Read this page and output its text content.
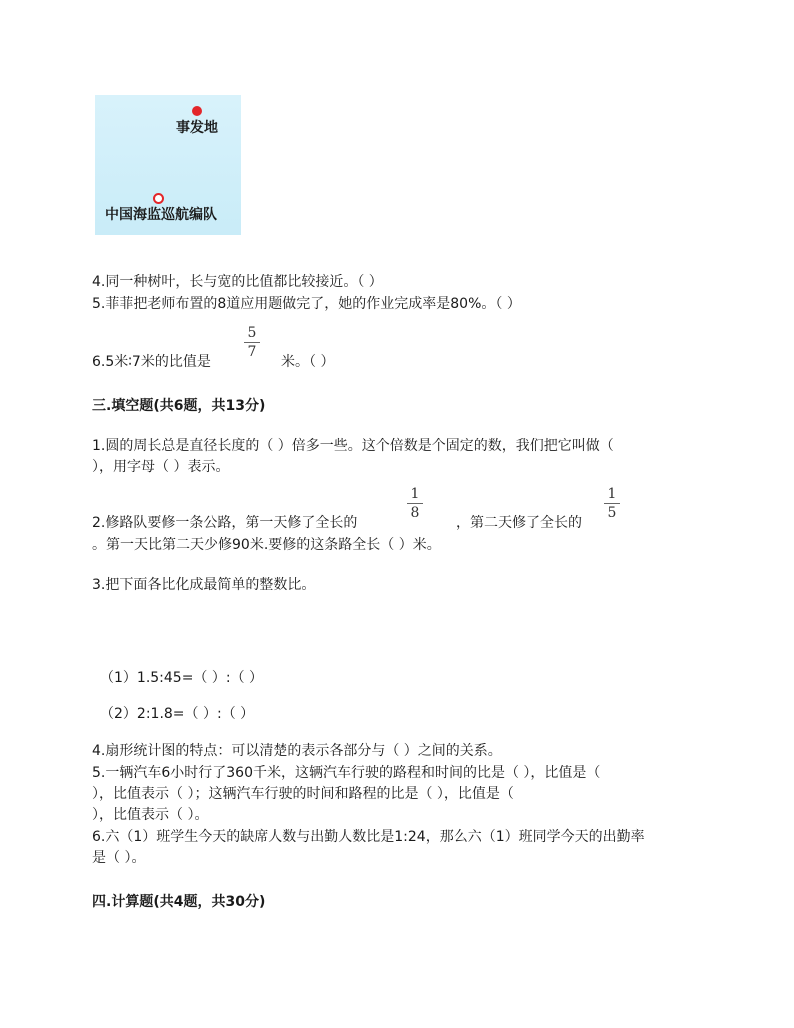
事发地
中国海监巡航编队
4.同一种树叶，长与宽的比值都比较接近。（ ）
5.菲菲把老师布置的8道应用题做完了，她的作业完成率是80%。（ ）
6.5米∶7米的比值是
5
7
米。（ ）
三.填空题(共6题，共13分)
1.圆的周长总是直径长度的（ ）倍多一些。这个倍数是个固定的数，我们把它叫做（
），用字母（ ）表示。
1
8
1
5
2.修路队要修一条公路，第一天修了全长的	，第二天修了全长的
。第一天比第二天少修90米.要修的这条路全长（ ）米。
3.把下面各比化成最简单的整数比。
（1）1.5:45=（ ）:（ ）
（2）2:1.8=（ ）:（ ）
4.扇形统计图的特点：可以清楚的表示各部分与（ ）之间的关系。
5.一辆汽车6小时行了360千米，这辆汽车行驶的路程和时间的比是（ ），比值是（
），比值表示（ ）；这辆汽车行驶的时间和路程的比是（ ），比值是（
），比值表示（ ）。
6.六（1）班学生今天的缺席人数与出勤人数比是1:24，那么六（1）班同学今天的出勤率
是（ ）。
四.计算题(共4题，共30分)
